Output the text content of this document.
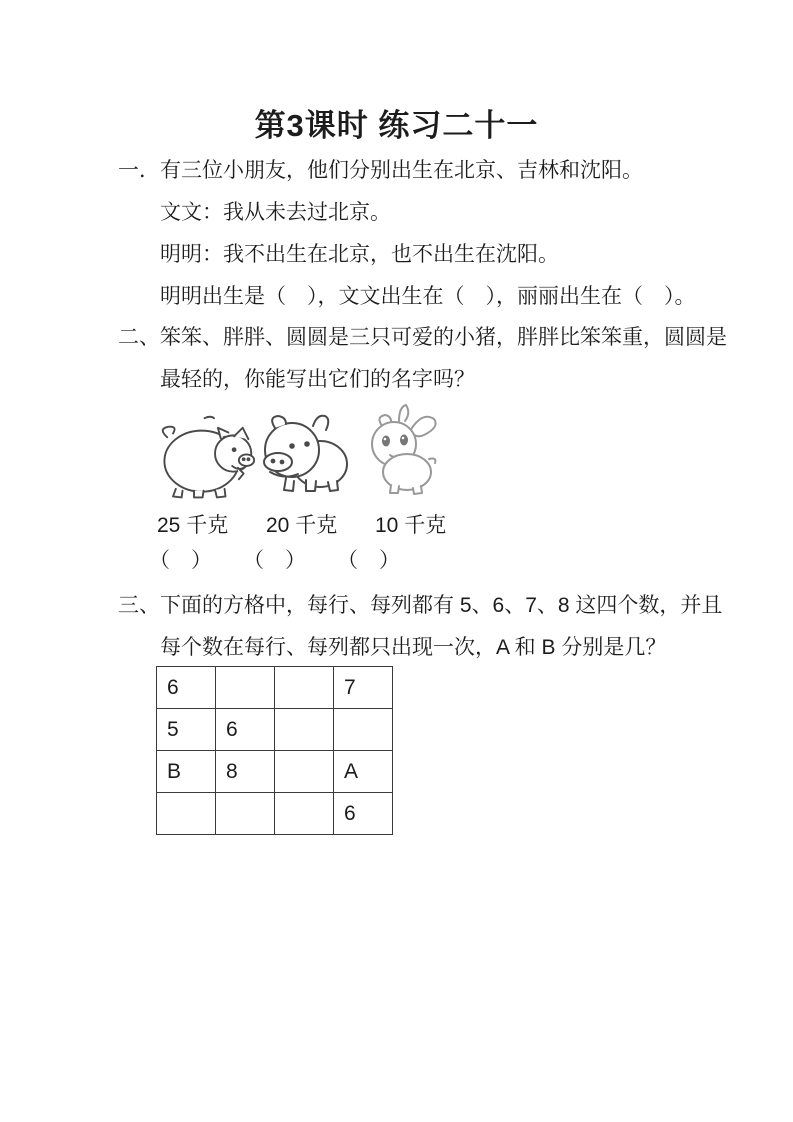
第3课时 练习二十一
一．有三位小朋友，他们分别出生在北京、吉林和沈阳。
文文：我从未去过北京。
明明：我不出生在北京，也不出生在沈阳。
明明出生是（　），文文出生在（　），丽丽出生在（　）。
二、笨笨、胖胖、圆圆是三只可爱的小猪，胖胖比笨笨重，圆圆是
最轻的，你能写出它们的名字吗？
25 千克 20 千克 10 千克
（　） （　） （　）
三、下面的方格中，每行、每列都有 5、6、7、8 这四个数，并且
每个数在每行、每列都只出现一次，A 和 B 分别是几？
6			7
5	6		
B	8		A
			6
